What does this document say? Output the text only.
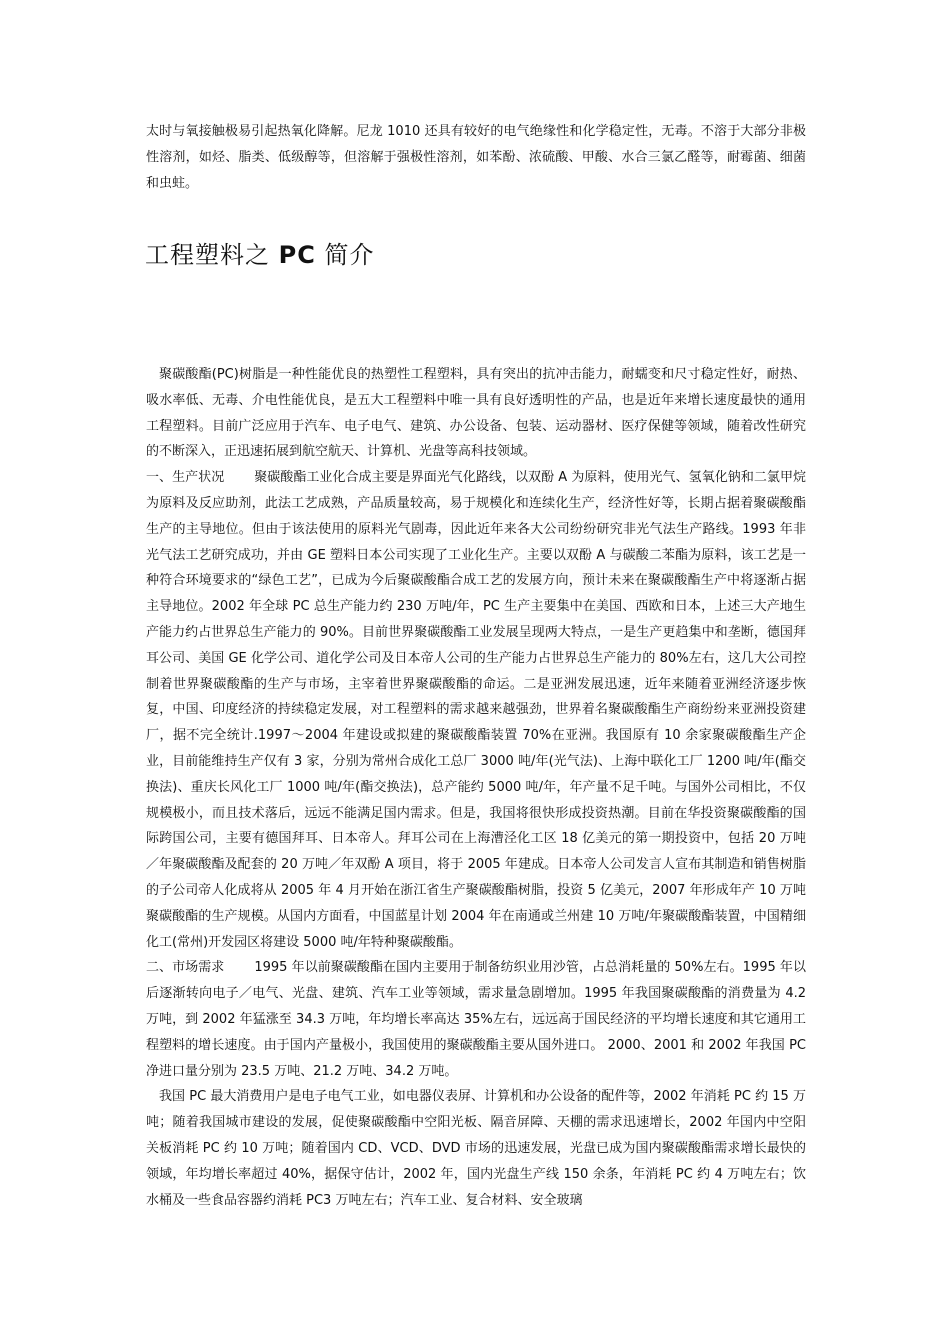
太时与氧接触极易引起热氧化降解。尼龙 1010 还具有较好的电气绝缘性和化学稳定性，无毒。不溶于大部分非极性溶剂，如烃、脂类、低级醇等，但溶解于强极性溶剂，如苯酚、浓硫酸、甲酸、水合三氯乙醛等，耐霉菌、细菌和虫蛀。
工程塑料之 PC 简介

聚碳酸酯(PC)树脂是一种性能优良的热塑性工程塑料，具有突出的抗冲击能力，耐蠕变和尺寸稳定性好，耐热、吸水率低、无毒、介电性能优良，是五大工程塑料中唯一具有良好透明性的产品，也是近年来增长速度最快的通用工程塑料。目前广泛应用于汽车、电子电气、建筑、办公设备、包装、运动器材、医疗保健等领域，随着改性研究的不断深入，正迅速拓展到航空航天、计算机、光盘等高科技领域。

一、生产状况 聚碳酸酯工业化合成主要是界面光气化路线，以双酚 A 为原料，使用光气、氢氧化钠和二氯甲烷为原料及反应助剂，此法工艺成熟，产品质量较高，易于规模化和连续化生产，经济性好等，长期占据着聚碳酸酯生产的主导地位。但由于该法使用的原料光气剧毒，因此近年来各大公司纷纷研究非光气法生产路线。1993 年非光气法工艺研究成功，并由 GE 塑料日本公司实现了工业化生产。主要以双酚 A 与碳酸二苯酯为原料，该工艺是一种符合环境要求的“绿色工艺”，已成为今后聚碳酸酯合成工艺的发展方向，预计未来在聚碳酸酯生产中将逐渐占据主导地位。2002 年全球 PC 总生产能力约 230 万吨/年，PC 生产主要集中在美国、西欧和日本，上述三大产地生产能力约占世界总生产能力的 90%。目前世界聚碳酸酯工业发展呈现两大特点，一是生产更趋集中和垄断，德国拜耳公司、美国 GE 化学公司、道化学公司及日本帝人公司的生产能力占世界总生产能力的 80%左右，这几大公司控制着世界聚碳酸酯的生产与市场，主宰着世界聚碳酸酯的命运。二是亚洲发展迅速，近年来随着亚洲经济逐步恢复，中国、印度经济的持续稳定发展，对工程塑料的需求越来越强劲，世界着名聚碳酸酯生产商纷纷来亚洲投资建厂，据不完全统计.1997～2004 年建设或拟建的聚碳酸酯装置 70%在亚洲。我国原有 10 余家聚碳酸酯生产企业，目前能维持生产仅有 3 家，分别为常州合成化工总厂 3000 吨/年(光气法)、上海中联化工厂 1200 吨/年(酯交换法)、重庆长风化工厂 1000 吨/年(酯交换法)，总产能约 5000 吨/年，年产量不足千吨。与国外公司相比，不仅规模极小，而且技术落后，远远不能满足国内需求。但是，我国将很快形成投资热潮。目前在华投资聚碳酸酯的国际跨国公司，主要有德国拜耳、日本帝人。拜耳公司在上海漕泾化工区 18 亿美元的第一期投资中，包括 20 万吨／年聚碳酸酯及配套的 20 万吨／年双酚 A 项目，将于 2005 年建成。日本帝人公司发言人宣布其制造和销售树脂的子公司帝人化成将从 2005 年 4 月开始在浙江省生产聚碳酸酯树脂，投资 5 亿美元，2007 年形成年产 10 万吨聚碳酸酯的生产规模。从国内方面看，中国蓝星计划 2004 年在南通或兰州建 10 万吨/年聚碳酸酯装置，中国精细化工(常州)开发园区将建设 5000 吨/年特种聚碳酸酯。

二、市场需求 1995 年以前聚碳酸酯在国内主要用于制备纺织业用沙管，占总消耗量的 50%左右。1995 年以后逐渐转向电子／电气、光盘、建筑、汽车工业等领域，需求量急剧增加。1995 年我国聚碳酸酯的消费量为 4.2 万吨，到 2002 年猛涨至 34.3 万吨，年均增长率高达 35%左右，远远高于国民经济的平均增长速度和其它通用工程塑料的增长速度。由于国内产量极小，我国使用的聚碳酸酯主要从国外进口。 2000、2001 和 2002 年我国 PC 净进口量分别为 23.5 万吨、21.2 万吨、34.2 万吨。

我国 PC 最大消费用户是电子电气工业，如电器仪表屏、计算机和办公设备的配件等，2002 年消耗 PC 约 15 万吨；随着我国城市建设的发展，促使聚碳酸酯中空阳光板、隔音屏障、天棚的需求迅速增长，2002 年国内中空阳关板消耗 PC 约 10 万吨；随着国内 CD、VCD、DVD 市场的迅速发展，光盘已成为国内聚碳酸酯需求增长最快的领域，年均增长率超过 40%，据保守估计，2002 年，国内光盘生产线 150 余条，年消耗 PC 约 4 万吨左右；饮水桶及一些食品容器约消耗 PC3 万吨左右；汽车工业、复合材料、安全玻璃
